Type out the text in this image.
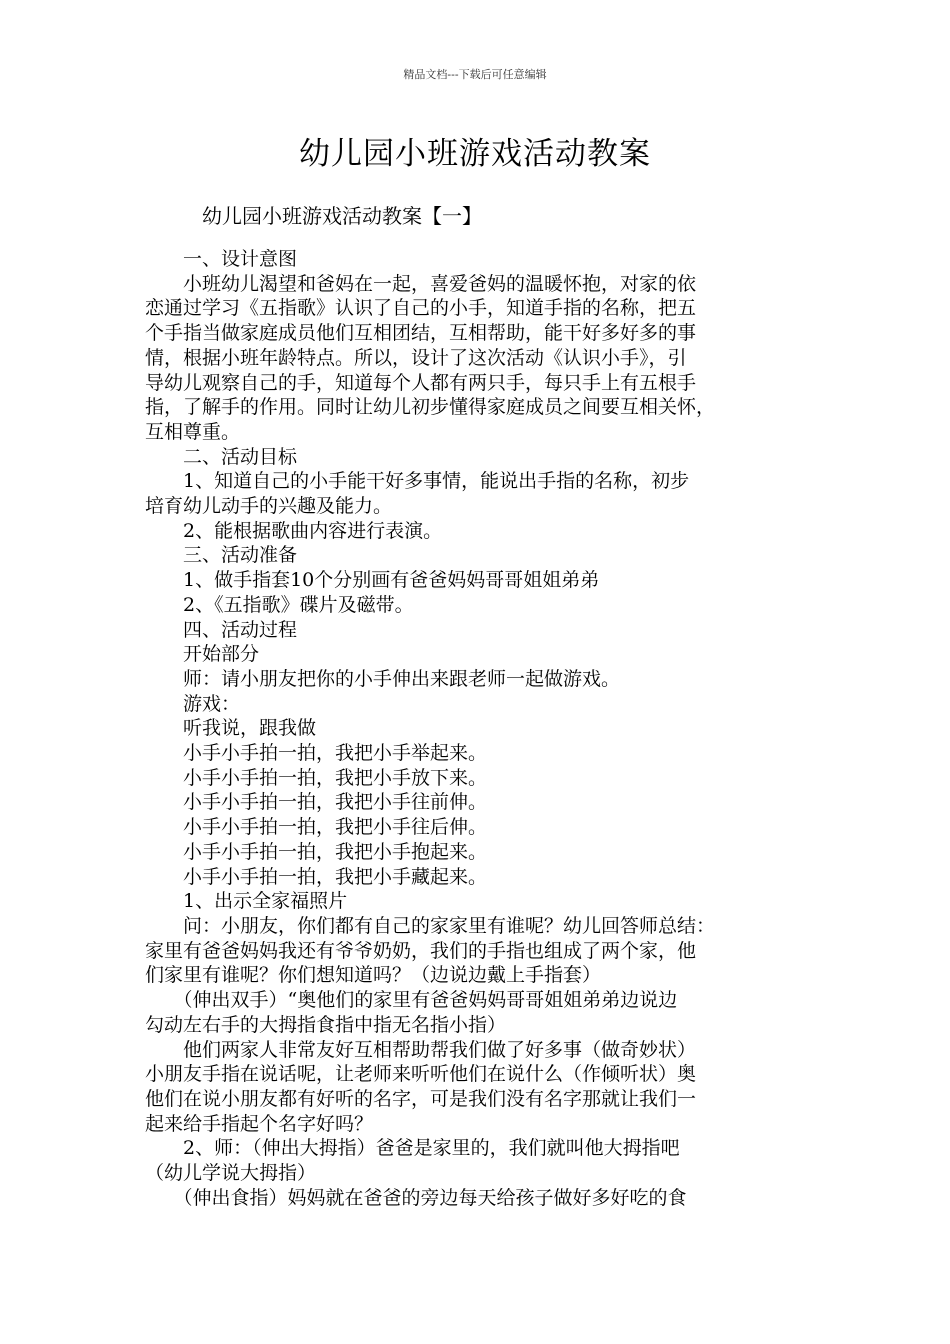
精品文档---下载后可任意编辑
幼儿园小班游戏活动教案

幼儿园小班游戏活动教案【一】

　　一、设计意图

　　小班幼儿渴望和爸妈在一起，喜爱爸妈的温暖怀抱，对家的依

恋通过学习《五指歌》认识了自己的小手，知道手指的名称，把五

个手指当做家庭成员他们互相团结，互相帮助，能干好多好多的事

情，根据小班年龄特点。所以，设计了这次活动《认识小手》，引

导幼儿观察自己的手，知道每个人都有两只手，每只手上有五根手

指，了解手的作用。同时让幼儿初步懂得家庭成员之间要互相关怀，

互相尊重。

　　二、活动目标

　　1、知道自己的小手能干好多事情，能说出手指的名称，初步

培育幼儿动手的兴趣及能力。

　　2、能根据歌曲内容进行表演。

　　三、活动准备

　　1、做手指套10个分别画有爸爸妈妈哥哥姐姐弟弟

　　2、《五指歌》碟片及磁带。

　　四、活动过程

　　开始部分

　　师：请小朋友把你的小手伸出来跟老师一起做游戏。

　　游戏：

　　听我说，跟我做

　　小手小手拍一拍，我把小手举起来。

　　小手小手拍一拍，我把小手放下来。

　　小手小手拍一拍，我把小手往前伸。

　　小手小手拍一拍，我把小手往后伸。

　　小手小手拍一拍，我把小手抱起来。

　　小手小手拍一拍，我把小手藏起来。

　　1、出示全家福照片

　　问：小朋友，你们都有自己的家家里有谁呢？幼儿回答师总结：

家里有爸爸妈妈我还有爷爷奶奶，我们的手指也组成了两个家，他

们家里有谁呢？你们想知道吗？（边说边戴上手指套）

　　（伸出双手）“奥他们的家里有爸爸妈妈哥哥姐姐弟弟边说边

勾动左右手的大拇指食指中指无名指小指）

　　他们两家人非常友好互相帮助帮我们做了好多事（做奇妙状）

小朋友手指在说话呢，让老师来听听他们在说什么（作倾听状）奥

他们在说小朋友都有好听的名字，可是我们没有名字那就让我们一

起来给手指起个名字好吗？

　　2、师：（伸出大拇指）爸爸是家里的，我们就叫他大拇指吧

（幼儿学说大拇指）

　　（伸出食指）妈妈就在爸爸的旁边每天给孩子做好多好吃的食
